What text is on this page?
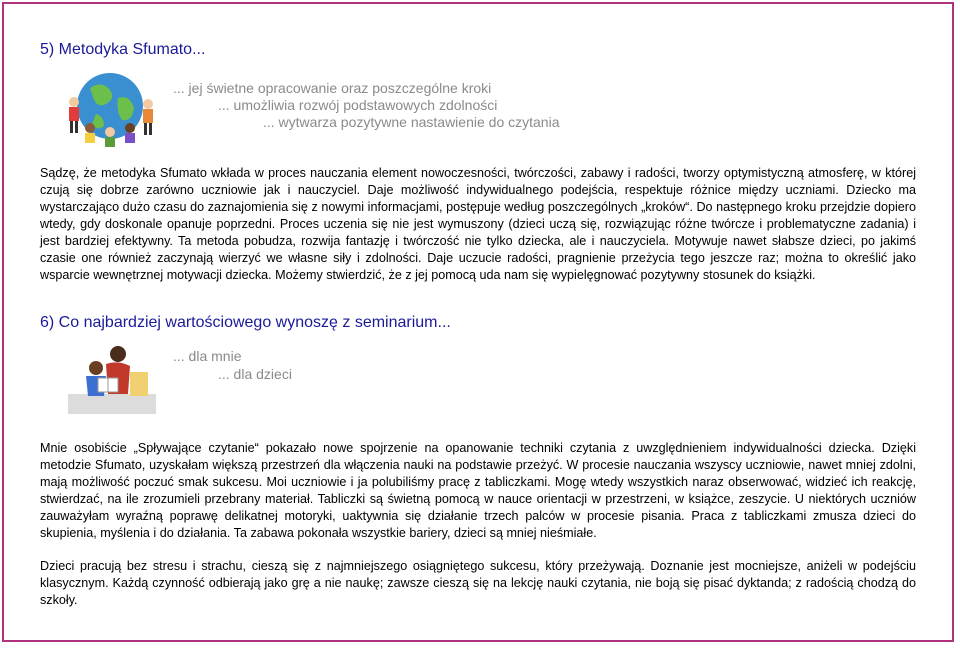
5) Metodyka Sfumato...
... jej świetne opracowanie oraz poszczególne kroki
... umożliwia rozwój podstawowych zdolności
... wytwarza pozytywne nastawienie do czytania

Sądzę, że metodyka Sfumato wkłada w proces nauczania element nowoczesności, twórczości, zabawy i radości, tworzy optymistyczną atmosferę, w której czują się dobrze zarówno uczniowie jak i nauczyciel. Daje możliwość indywidualnego podejścia, respektuje różnice między uczniami. Dziecko ma wystarczająco dużo czasu do zaznajomienia się z nowymi informacjami, postępuje według poszczególnych „kroków“. Do następnego kroku przejdzie dopiero wtedy, gdy doskonale opanuje poprzedni. Proces uczenia się nie jest wymuszony (dzieci uczą się, rozwiązując różne twórcze i problematyczne zadania) i jest bardziej efektywny. Ta metoda pobudza, rozwija fantazję i twórczość nie tylko dziecka, ale i nauczyciela. Motywuje nawet słabsze dzieci, po jakimś czasie one również zaczynają wierzyć we własne siły i zdolności. Daje uczucie radości, pragnienie przeżycia tego jeszcze raz; można to określić jako wsparcie wewnętrznej motywacji dziecka. Możemy stwierdzić, że z jej pomocą uda nam się wypielęgnować pozytywny stosunek do książki.

6) Co najbardziej wartościowego wynoszę z seminarium...
... dla mnie
... dla dzieci

Mnie osobiście „Spływające czytanie“ pokazało nowe spojrzenie na opanowanie techniki czytania z uwzględnieniem indywidualności dziecka. Dzięki metodzie Sfumato, uzyskałam większą przestrzeń dla włączenia nauki na podstawie przeżyć. W procesie nauczania wszyscy uczniowie, nawet mniej zdolni, mają możliwość poczuć smak sukcesu. Moi uczniowie i ja polubiliśmy pracę z tabliczkami. Mogę wtedy wszystkich naraz obserwować, widzieć ich reakcję, stwierdzać, na ile zrozumieli przebrany materiał. Tabliczki są świetną pomocą w nauce orientacji w przestrzeni, w książce, zeszycie. U niektórych uczniów zauważyłam wyraźną poprawę delikatnej motoryki, uaktywnia się działanie trzech palców w procesie pisania. Praca z tabliczkami zmusza dzieci do skupienia, myślenia i do działania. Ta zabawa pokonała wszystkie bariery, dzieci są mniej nieśmiałe.

Dzieci pracują bez stresu i strachu, cieszą się z najmniejszego osiągniętego sukcesu, który przeżywają. Doznanie jest mocniejsze, aniżeli w podejściu klasycznym. Każdą czynność odbierają jako grę a nie naukę; zawsze cieszą się na lekcję nauki czytania, nie boją się pisać dyktanda; z radością chodzą do szkoły.
